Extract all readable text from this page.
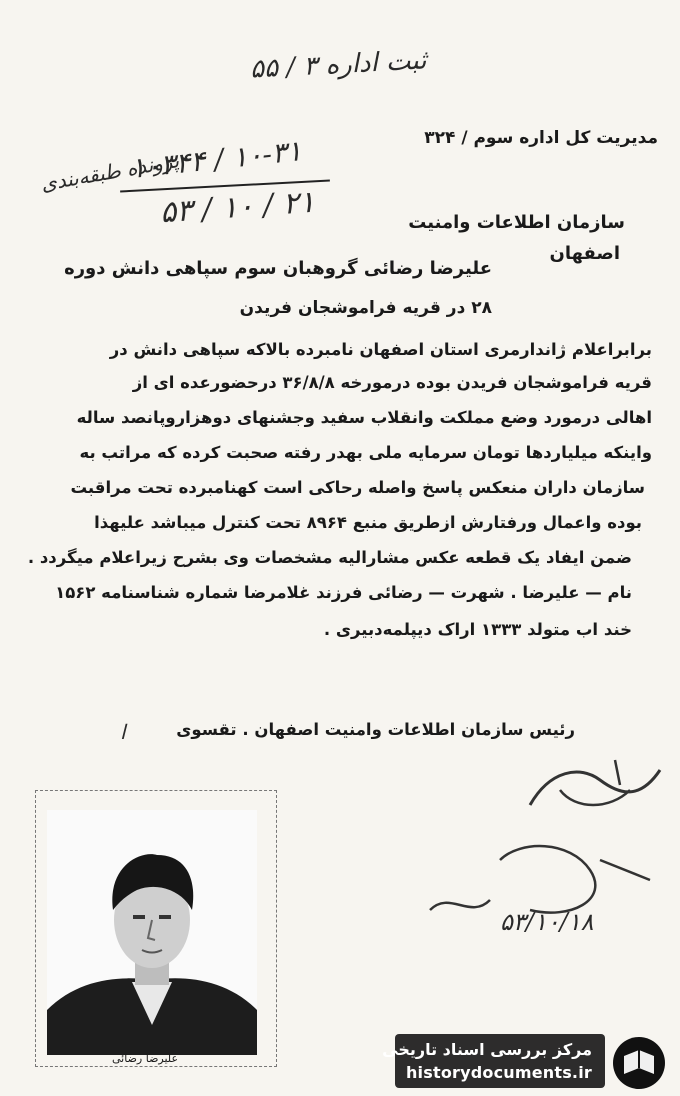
ثبت اداره ۳ / ۵۵
مدیریت کل اداره سوم / ۳۲۴
۱۰۳۴۴ / ۱۰-۳۱
پرونده طبقه‌بندی
۵۳ / ۱۰ / ۲۱	سازمان اطلاعات وامنیت
اصفهان
علیرضا رضائی گروهبان سوم سپاهی دانش دوره
۲۸ در قریه فراموشجان فریدن
برابراعلام ژاندارمری استان اصفهان نامبرده بالاکه سپاهی دانش در
قریه فراموشجان فریدن بوده درمورخه ۳۶/۸/۸ درحضورعده ای از
اهالی درمورد وضع مملکت وانقلاب سفید وجشنهای دوهزاروپانصد ساله
واینکه میلیاردها تومان سرمایه ملی بهدر رفته صحبت کرده که مراتب به
سازمان داران منعکس پاسخ واصله رحاکی است کهنامبرده تحت مراقبت
بوده واعمال ورفتارش ازطریق منبع ۸۹۶۴ تحت کنترل میباشد علیهذا
ضمن ایفاد یک قطعه عکس مشارالیه مشخصات وی بشرح زیراعلام میگردد .
نام — علیرضا . شهرت — رضائی فرزند غلامرضا شماره شناسنامه ۱۵۶۲
خند اب متولد ۱۳۳۳ اراک دیپلمه‌دبیری .
ا	رئیس سازمان اطلاعات وامنیت اصفهان . تقسوی
۵۳/۱۰/۱۸
علیرضا رضائی	مرکز بررسی اسناد تاریخی
historydocuments.ir
